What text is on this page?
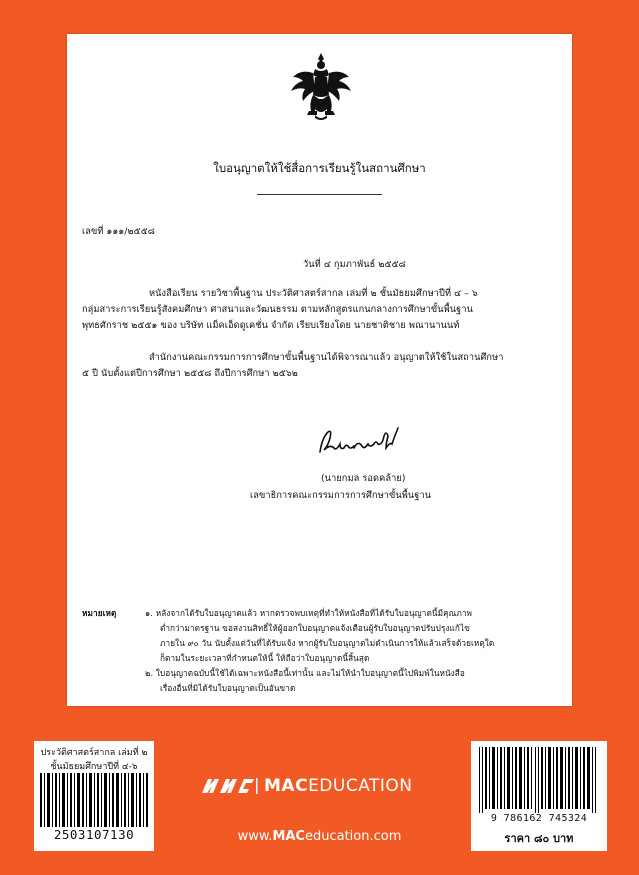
ใบอนุญาตให้ใช้สื่อการเรียนรู้ในสถานศึกษา
เลขที่ ๑๑๑/๒๕๕๘
วันที่ ๔ กุมภาพันธ์ ๒๕๕๘
หนังสือเรียน รายวิชาพื้นฐาน ประวัติศาสตร์สากล เล่มที่ ๒ ชั้นมัธยมศึกษาปีที่ ๔ – ๖
กลุ่มสาระการเรียนรู้สังคมศึกษา ศาสนาและวัฒนธรรม ตามหลักสูตรแกนกลางการศึกษาขั้นพื้นฐาน
พุทธศักราช ๒๕๕๑ ของ บริษัท แม็คเอ็ดดูเคชั่น จำกัด เรียบเรียงโดย นายชาติชาย พณานานนท์
สำนักงานคณะกรรมการการศึกษาขั้นพื้นฐานได้พิจารณาแล้ว อนุญาตให้ใช้ในสถานศึกษา
๕ ปี นับตั้งแต่ปีการศึกษา ๒๕๕๘ ถึงปีการศึกษา ๒๕๖๒
(นายกมล รอดคล้าย)
เลขาธิการคณะกรรมการการศึกษาขั้นพื้นฐาน
หมายเหตุ	๑. หลังจากได้รับใบอนุญาตแล้ว หากตรวจพบเหตุที่ทำให้หนังสือที่ได้รับใบอนุญาตนี้มีคุณภาพ
ต่ำกว่ามาตรฐาน ขอสงวนสิทธิ์ให้ผู้ออกใบอนุญาตแจ้งเตือนผู้รับใบอนุญาตปรับปรุงแก้ไข
ภายใน ๙๐ วัน นับตั้งแต่วันที่ได้รับแจ้ง หากผู้รับใบอนุญาตไม่ดำเนินการให้แล้วเสร็จด้วยเหตุใด
ก็ตามในระยะเวลาที่กำหนดให้นี้ ให้ถือว่าใบอนุญาตนี้สิ้นสุด
๒. ใบอนุญาตฉบับนี้ใช้ได้เฉพาะหนังสือนี้เท่านั้น และไม่ให้นำใบอนุญาตนี้ไปพิมพ์ในหนังสือ
เรื่องอื่นที่มิได้รับใบอนุญาตเป็นอันขาด
ประวัติศาสตร์สากล เล่มที่ ๒
ชั้นมัธยมศึกษาปีที่ ๔-๖
2503107130
MACEDUCATION
www.MACeducation.com
9 786162 745324
ราคา ๘๐ บาท
